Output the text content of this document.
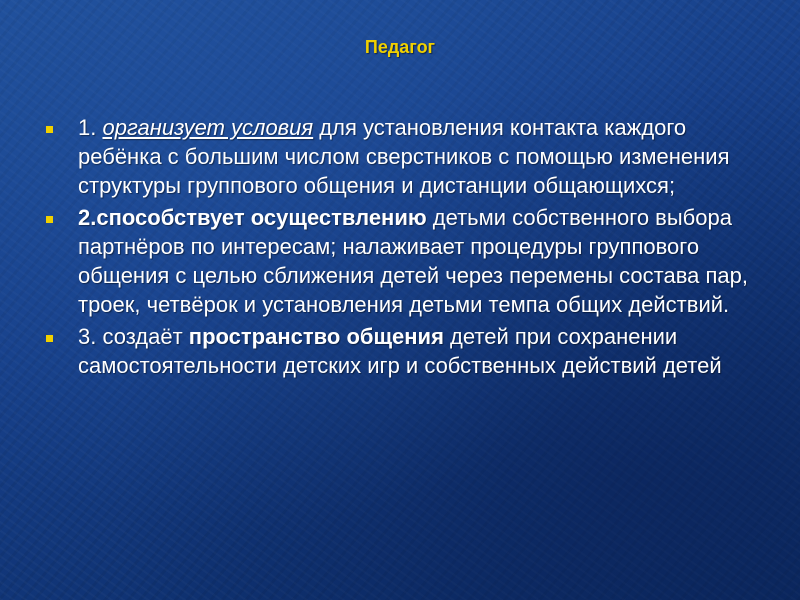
Педагог
1. организует условия для установления контакта каждого ребёнка с большим числом сверстников с помощью изменения структуры группового общения и дистанции общающихся;
2.способствует осуществлению детьми собственного выбора партнёров по интересам; налаживает процедуры группового общения с целью сближения детей через перемены состава пар, троек, четвёрок и установления детьми темпа общих действий.
3. создаёт пространство общения детей при сохранении самостоятельности детских игр и собственных действий детей
